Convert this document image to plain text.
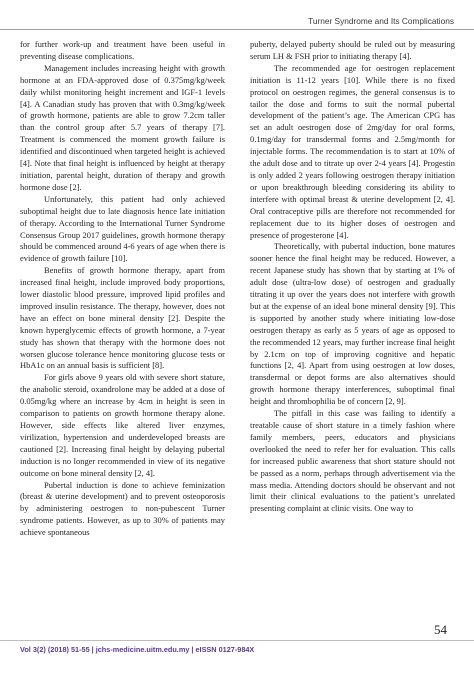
Turner Syndrome and Its Complications

for further work-up and treatment have been useful in preventing disease complications.

Management includes increasing height with growth hormone at an FDA-approved dose of 0.375mg/kg/week daily whilst monitoring height increment and IGF-1 levels [4]. A Canadian study has proven that with 0.3mg/kg/week of growth hormone, patients are able to grow 7.2cm taller than the control group after 5.7 years of therapy [7]. Treatment is commenced the moment growth failure is identified and discontinued when targeted height is achieved [4]. Note that final height is influenced by height at therapy initiation, parental height, duration of therapy and growth hormone dose [2].

Unfortunately, this patient had only achieved suboptimal height due to late diagnosis hence late initiation of therapy. According to the International Turner Syndrome Consensus Group 2017 guidelines, growth hormone therapy should be commenced around 4-6 years of age when there is evidence of growth failure [10].

Benefits of growth hormone therapy, apart from increased final height, include improved body proportions, lower diastolic blood pressure, improved lipid profiles and improved insulin resistance. The therapy, however, does not have an effect on bone mineral density [2]. Despite the known hyperglycemic effects of growth hormone, a 7-year study has shown that therapy with the hormone does not worsen glucose tolerance hence monitoring glucose tests or HbA1c on an annual basis is sufficient [8].

For girls above 9 years old with severe short stature, the anabolic steroid, oxandrolone may be added at a dose of 0.05mg/kg where an increase by 4cm in height is seen in comparison to patients on growth hormone therapy alone. However, side effects like altered liver enzymes, virilization, hypertension and underdeveloped breasts are cautioned [2]. Increasing final height by delaying pubertal induction is no longer recommended in view of its negative outcome on bone mineral density [2, 4].

Pubertal induction is done to achieve feminization (breast & uterine development) and to prevent osteoporosis by administering oestrogen to non-pubescent Turner syndrome patients. However, as up to 30% of patients may achieve spontaneous

puberty, delayed puberty should be ruled out by measuring serum LH & FSH prior to initiating therapy [4].

The recommended age for oestrogen replacement initiation is 11-12 years [10]. While there is no fixed protocol on oestrogen regimes, the general consensus is to tailor the dose and forms to suit the normal pubertal development of the patient’s age. The American CPG has set an adult oestrogen dose of 2mg/day for oral forms, 0.1mg/day for transdermal forms and 2.5mg/month for injectable forms. The recommendation is to start at 10% of the adult dose and to titrate up over 2-4 years [4]. Progestin is only added 2 years following oestrogen therapy initiation or upon breakthrough bleeding considering its ability to interfere with optimal breast & uterine development [2, 4]. Oral contraceptive pills are therefore not recommended for replacement due to its higher doses of oestrogen and presence of progesterone [4].

Theoretically, with pubertal induction, bone matures sooner hence the final height may be reduced. However, a recent Japanese study has shown that by starting at 1% of adult dose (ultra-low dose) of oestrogen and gradually titrating it up over the years does not interfere with growth but at the expense of an ideal bone mineral density [9]. This is supported by another study where initiating low-dose oestrogen therapy as early as 5 years of age as opposed to the recommended 12 years, may further increase final height by 2.1cm on top of improving cognitive and hepatic functions [2, 4]. Apart from using oestrogen at low doses, transdermal or depot forms are also alternatives should growth hormone therapy interferences, suboptimal final height and thrombophilia be of concern [2, 9].

The pitfall in this case was failing to identify a treatable cause of short stature in a timely fashion where family members, peers, educators and physicians overlooked the need to refer her for evaluation. This calls for increased public awareness that short stature should not be passed as a norm, perhaps through advertisement via the mass media. Attending doctors should be observant and not limit their clinical evaluations to the patient’s unrelated presenting complaint at clinic visits. One way to

54
Vol 3(2) (2018) 51-55 | jchs-medicine.uitm.edu.my | eISSN 0127-984X
